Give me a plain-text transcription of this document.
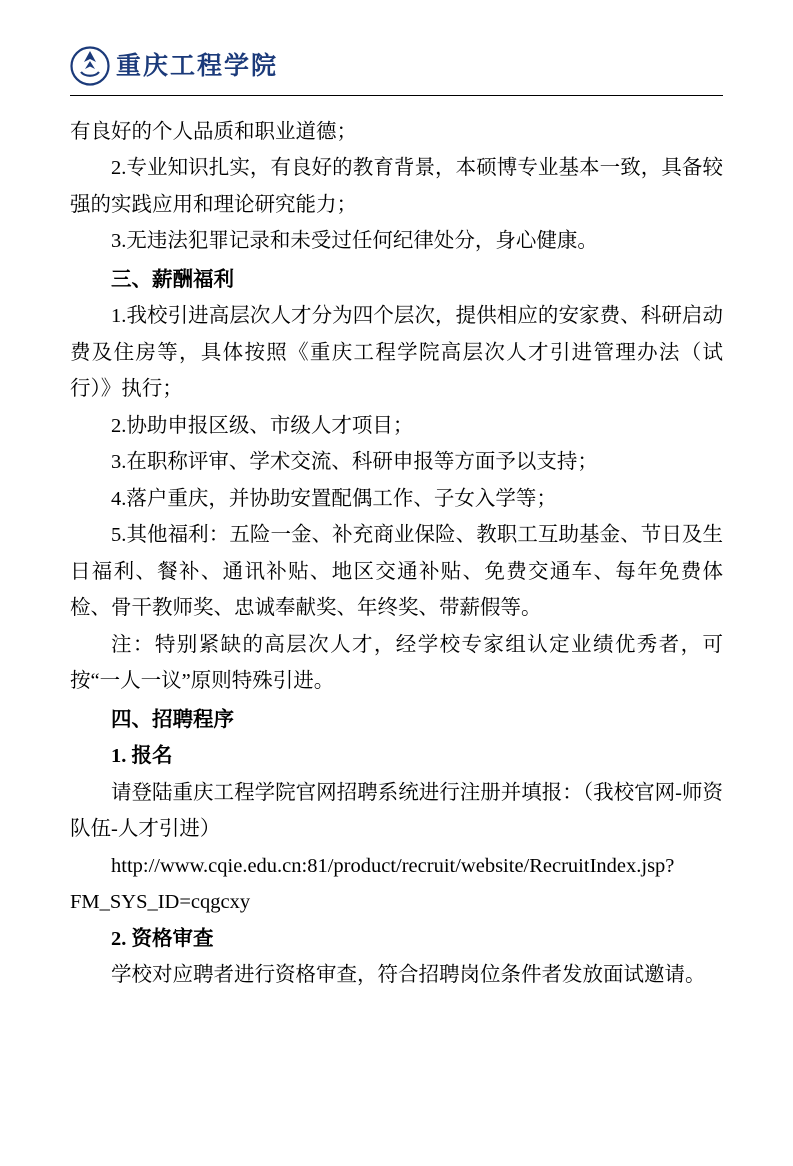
重庆工程学院

有良好的个人品质和职业道德；

2.专业知识扎实，有良好的教育背景，本硕博专业基本一致，具备较强的实践应用和理论研究能力；

3.无违法犯罪记录和未受过任何纪律处分，身心健康。

三、薪酬福利

1.我校引进高层次人才分为四个层次，提供相应的安家费、科研启动费及住房等，具体按照《重庆工程学院高层次人才引进管理办法（试行）》执行；

2.协助申报区级、市级人才项目；

3.在职称评审、学术交流、科研申报等方面予以支持；

4.落户重庆，并协助安置配偶工作、子女入学等；

5.其他福利：五险一金、补充商业保险、教职工互助基金、节日及生日福利、餐补、通讯补贴、地区交通补贴、免费交通车、每年免费体检、骨干教师奖、忠诚奉献奖、年终奖、带薪假等。

注：特别紧缺的高层次人才，经学校专家组认定业绩优秀者，可按“一人一议”原则特殊引进。

四、招聘程序

1. 报名

请登陆重庆工程学院官网招聘系统进行注册并填报：（我校官网-师资队伍-人才引进）

http://www.cqie.edu.cn:81/product/recruit/website/RecruitIndex.jsp?

FM_SYS_ID=cqgcxy

2. 资格审查

学校对应聘者进行资格审查，符合招聘岗位条件者发放面试邀请。
